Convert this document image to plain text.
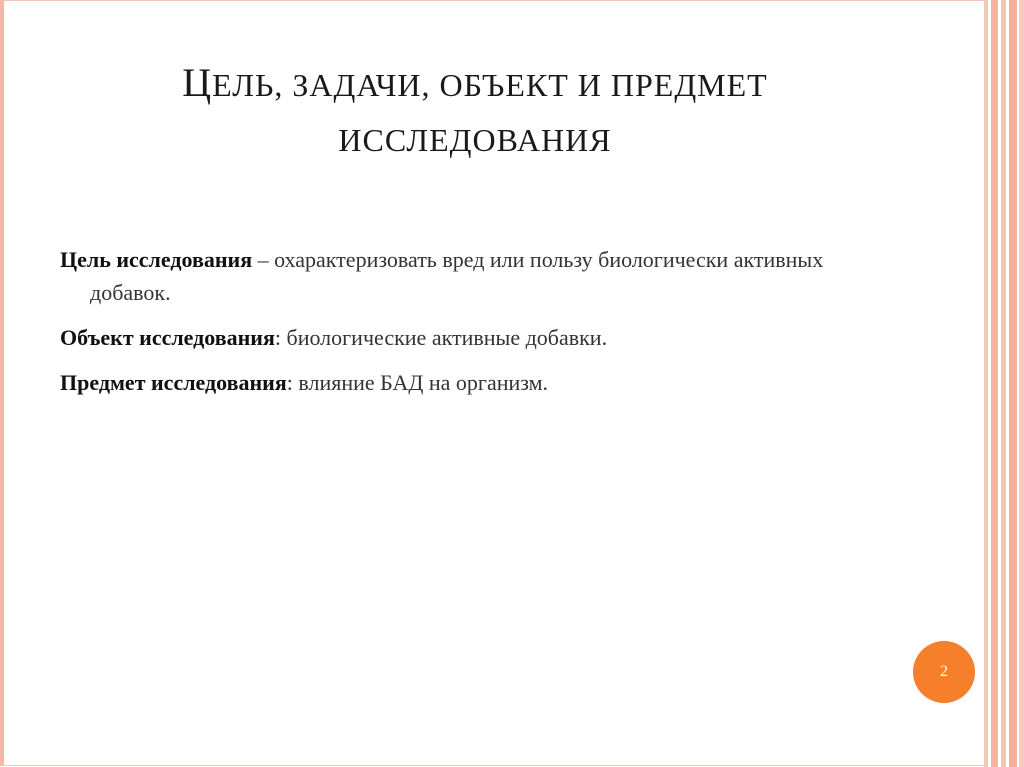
ЦЕЛЬ, ЗАДАЧИ, ОБЪЕКТ И ПРЕДМЕТ
ИССЛЕДОВАНИЯ

Цель исследования – охарактеризовать вред или пользу биологически активных добавок.

Объект исследования: биологические активные добавки.

Предмет исследования: влияние БАД на организм.

2
